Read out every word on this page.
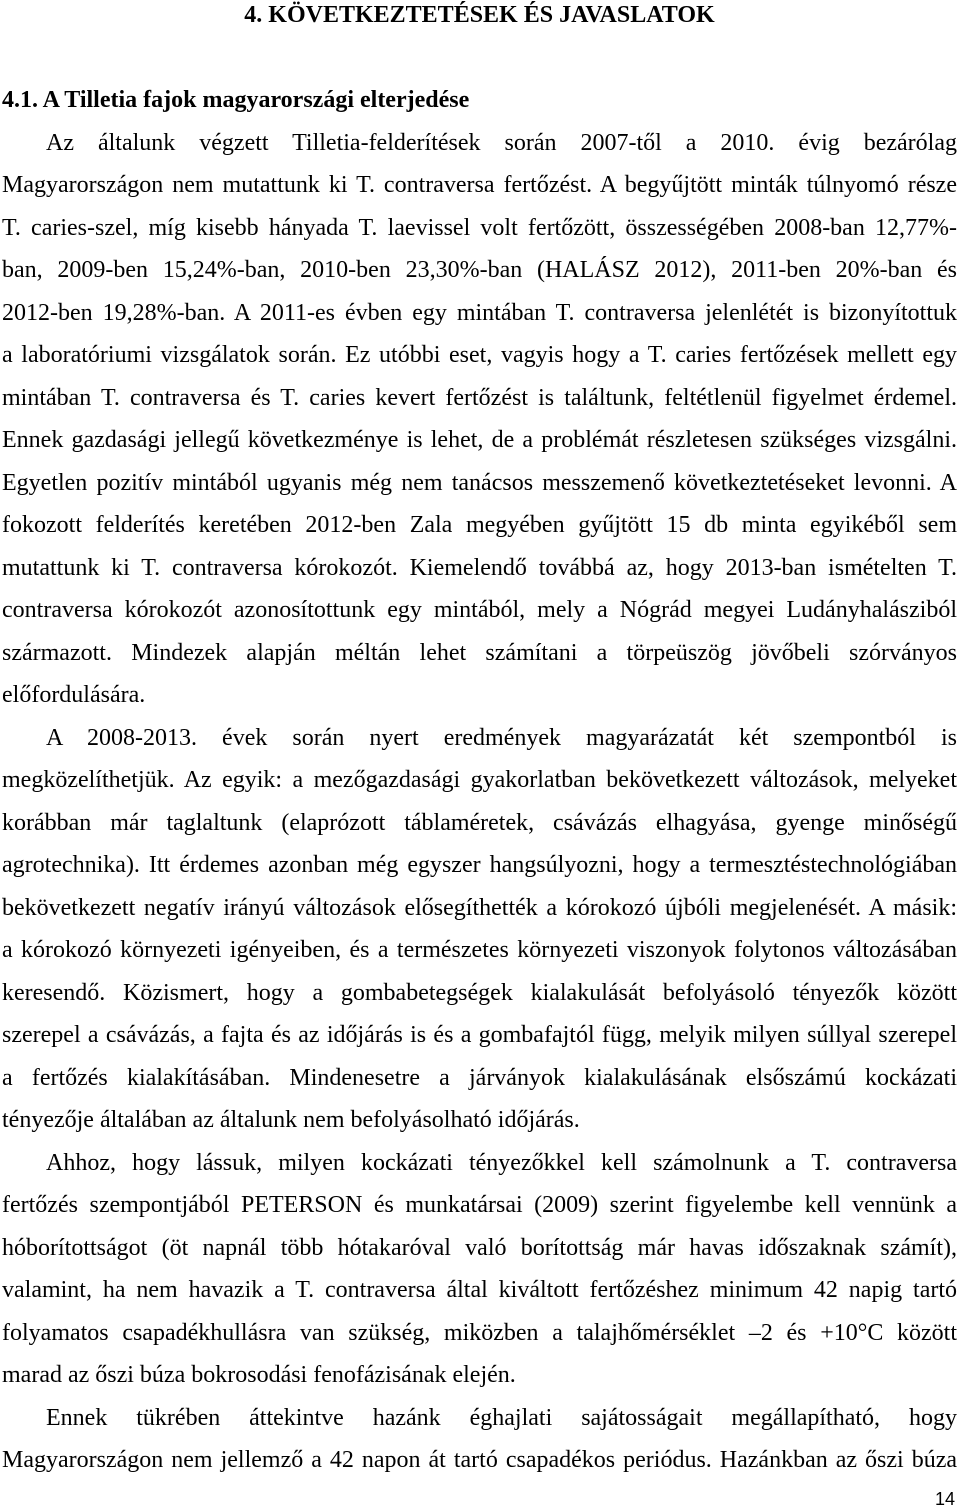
4. KÖVETKEZTETÉSEK ÉS JAVASLATOK
4.1. A Tilletia fajok magyarországi elterjedése
Az általunk végzett Tilletia-felderítések során 2007-től a 2010. évig bezárólag
Magyarországon nem mutattunk ki T. contraversa fertőzést. A begyűjtött minták túlnyomó része
T. caries-szel, míg kisebb hányada T. laevissel volt fertőzött, összességében 2008-ban 12,77%-
ban, 2009-ben 15,24%-ban, 2010-ben 23,30%-ban (HALÁSZ 2012), 2011-ben 20%-ban és
2012-ben 19,28%-ban. A 2011-es évben egy mintában T. contraversa jelenlétét is bizonyítottuk
a laboratóriumi vizsgálatok során. Ez utóbbi eset, vagyis hogy a T. caries fertőzések mellett egy
mintában T. contraversa és T. caries kevert fertőzést is találtunk, feltétlenül figyelmet érdemel.
Ennek gazdasági jellegű következménye is lehet, de a problémát részletesen szükséges vizsgálni.
Egyetlen pozitív mintából ugyanis még nem tanácsos messzemenő következtetéseket levonni. A
fokozott felderítés keretében 2012-ben Zala megyében gyűjtött 15 db minta egyikéből sem
mutattunk ki T. contraversa kórokozót. Kiemelendő továbbá az, hogy 2013-ban ismételten T.
contraversa kórokozót azonosítottunk egy mintából, mely a Nógrád megyei Ludányhalásziból
származott. Mindezek alapján méltán lehet számítani a törpeüszög jövőbeli szórványos
előfordulására.
A 2008-2013. évek során nyert eredmények magyarázatát két szempontból is
megközelíthetjük. Az egyik: a mezőgazdasági gyakorlatban bekövetkezett változások, melyeket
korábban már taglaltunk (elaprózott táblaméretek, csávázás elhagyása, gyenge minőségű
agrotechnika). Itt érdemes azonban még egyszer hangsúlyozni, hogy a termesztéstechnológiában
bekövetkezett negatív irányú változások elősegíthették a kórokozó újbóli megjelenését. A másik:
a kórokozó környezeti igényeiben, és a természetes környezeti viszonyok folytonos változásában
keresendő. Közismert, hogy a gombabetegségek kialakulását befolyásoló tényezők között
szerepel a csávázás, a fajta és az időjárás is és a gombafajtól függ, melyik milyen súllyal szerepel
a fertőzés kialakításában. Mindenesetre a járványok kialakulásának elsőszámú kockázati
tényezője általában az általunk nem befolyásolható időjárás.
Ahhoz, hogy lássuk, milyen kockázati tényezőkkel kell számolnunk a T. contraversa
fertőzés szempontjából PETERSON és munkatársai (2009) szerint figyelembe kell vennünk a
hóborítottságot (öt napnál több hótakaróval való borítottság már havas időszaknak számít),
valamint, ha nem havazik a T. contraversa által kiváltott fertőzéshez minimum 42 napig tartó
folyamatos csapadékhullásra van szükség, miközben a talajhőmérséklet –2 és +10°C között
marad az őszi búza bokrosodási fenofázisának elején.
Ennek tükrében áttekintve hazánk éghajlati sajátosságait megállapítható, hogy
Magyarországon nem jellemző a 42 napon át tartó csapadékos periódus. Hazánkban az őszi búza
14
